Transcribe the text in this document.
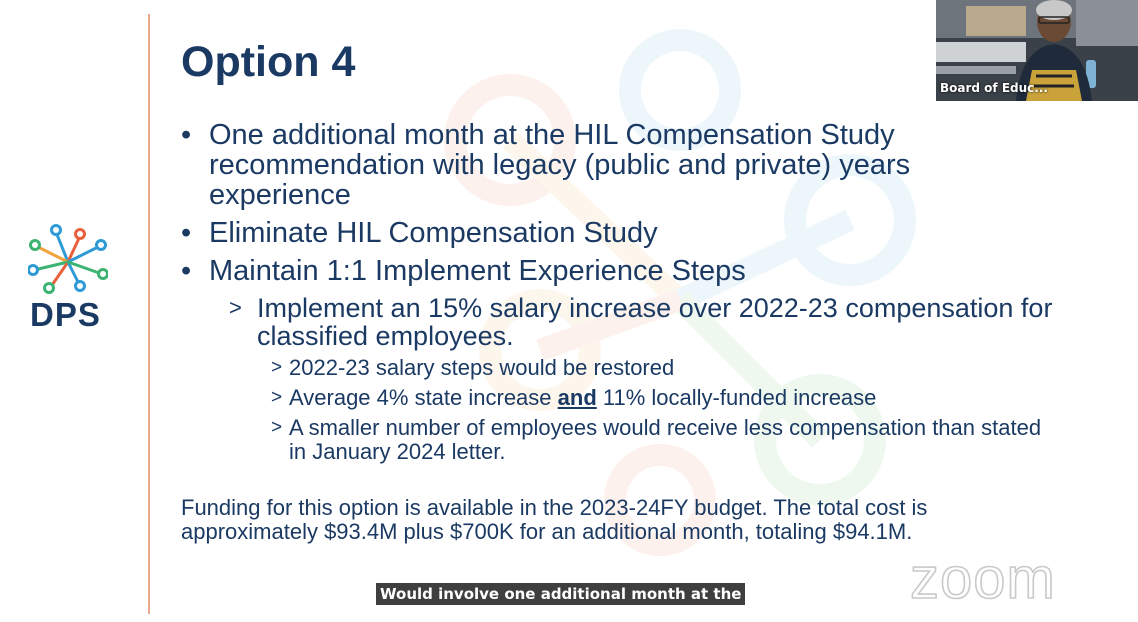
DPS
Option 4
• One additional month at the HIL Compensation Study recommendation with legacy (public and private) years experience
• Eliminate HIL Compensation Study
• Maintain 1:1 Implement Experience Steps
> Implement an 15% salary increase over 2022-23 compensation for classified employees.
> 2022-23 salary steps would be restored
> Average 4% state increase and 11% locally-funded increase
> A smaller number of employees would receive less compensation than stated in January 2024 letter.
Funding for this option is available in the 2023-24FY budget. The total cost is approximately $93.4M plus $700K for an additional month, totaling $94.1M.
Would involve one additional month at the	zoom
Board of Educ...
